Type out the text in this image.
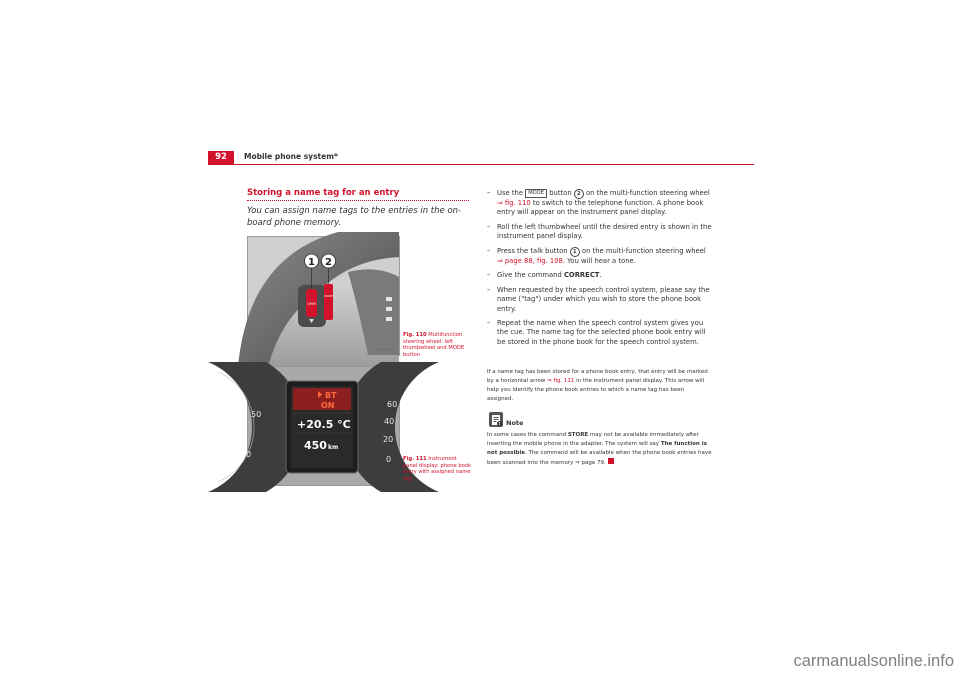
92	Mobile phone system*
Storing a name tag for an entry
You can assign name tags to the entries in the on-board phone memory.
VMM
MODE
1 2
B3M-0144
Fig. 110 Multifunction steering wheel: left thumbwheel and MODE button
50
0
60
40
20
0
BT
ON
+20.5 °C
450 km
B3M-0367
Fig. 111 Instrument panel display: phone book entry with assigned name tag
– Use the MODE button 2 on the multi-function steering wheel ⇒ fig. 110 to switch to the telephone function. A phone book entry will appear on the instrument panel display.
– Roll the left thumbwheel until the desired entry is shown in the instrument panel display.
– Press the talk button 1 on the multi-function steering wheel ⇒ page 88, fig. 108. You will hear a tone.
– Give the command CORRECT.
– When requested by the speech control system, please say the name ("tag") under which you wish to store the phone book entry.
– Repeat the name when the speech control system gives you the cue. The name tag for the selected phone book entry will be stored in the phone book for the speech control system.
If a name tag has been stored for a phone book entry, that entry will be marked by a horizontal arrow ⇒ fig. 111 in the instrument panel display. This arrow will help you identify the phone book entries to which a name tag has been assigned.
Note
In some cases the command STORE may not be available immediately after inserting the mobile phone in the adapter. The system will say The function is not possible. The command will be available when the phone book entries have been scanned into the memory ⇒ page 79.
carmanualsonline.info
